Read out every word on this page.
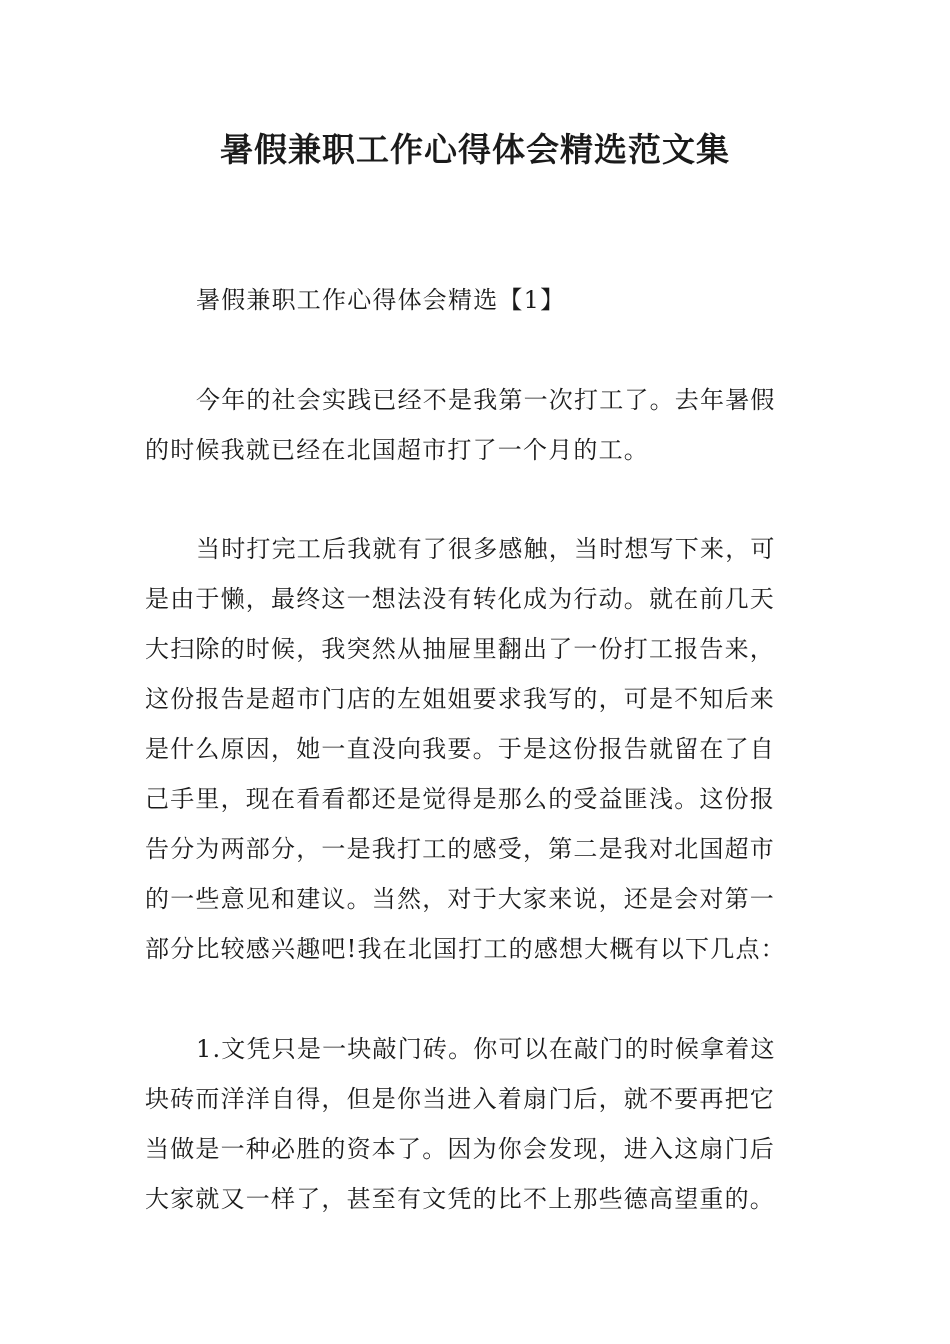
暑假兼职工作心得体会精选范文集
暑假兼职工作心得体会精选【1】
今年的社会实践已经不是我第一次打工了。去年暑假
的时候我就已经在北国超市打了一个月的工。
当时打完工后我就有了很多感触，当时想写下来，可
是由于懒，最终这一想法没有转化成为行动。就在前几天
大扫除的时候，我突然从抽屉里翻出了一份打工报告来，
这份报告是超市门店的左姐姐要求我写的，可是不知后来
是什么原因，她一直没向我要。于是这份报告就留在了自
己手里，现在看看都还是觉得是那么的受益匪浅。这份报
告分为两部分，一是我打工的感受，第二是我对北国超市
的一些意见和建议。当然，对于大家来说，还是会对第一
部分比较感兴趣吧!我在北国打工的感想大概有以下几点：
1.文凭只是一块敲门砖。你可以在敲门的时候拿着这
块砖而洋洋自得，但是你当进入着扇门后，就不要再把它
当做是一种必胜的资本了。因为你会发现，进入这扇门后
大家就又一样了，甚至有文凭的比不上那些德高望重的。
